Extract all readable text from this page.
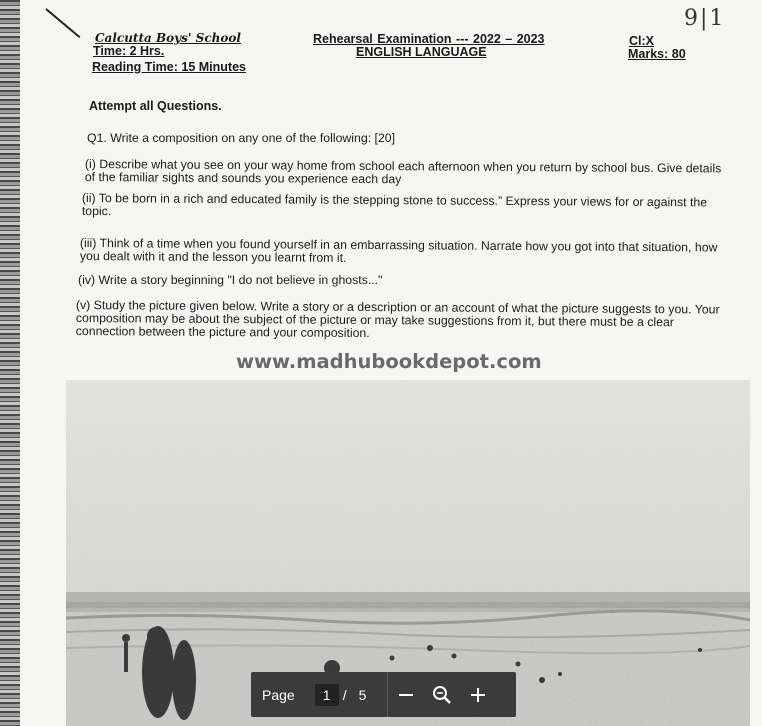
9|1
Calcutta Boys' School
Time: 2 Hrs.
Reading Time: 15 Minutes
Rehearsal Examination --- 2022 – 2023
ENGLISH LANGUAGE
Cl:X
Marks: 80
Attempt all Questions.
Q1. Write a composition on any one of the following: [20]
(i) Describe what you see on your way home from school each afternoon when you return by school bus. Give details of the familiar sights and sounds you experience each day
(ii) To be born in a rich and educated family is the stepping stone to success.” Express your views for or against the topic.
(iii) Think of a time when you found yourself in an embarrassing situation. Narrate how you got into that situation, how you dealt with it and the lesson you learnt from it.
(iv) Write a story beginning "I do not believe in ghosts..."
(v) Study the picture given below. Write a story or a description or an account of what the picture suggests to you. Your composition may be about the subject of the picture or may take suggestions from it, but there must be a clear connection between the picture and your composition.
www.madhubookdepot.com
Page	1 / 5
